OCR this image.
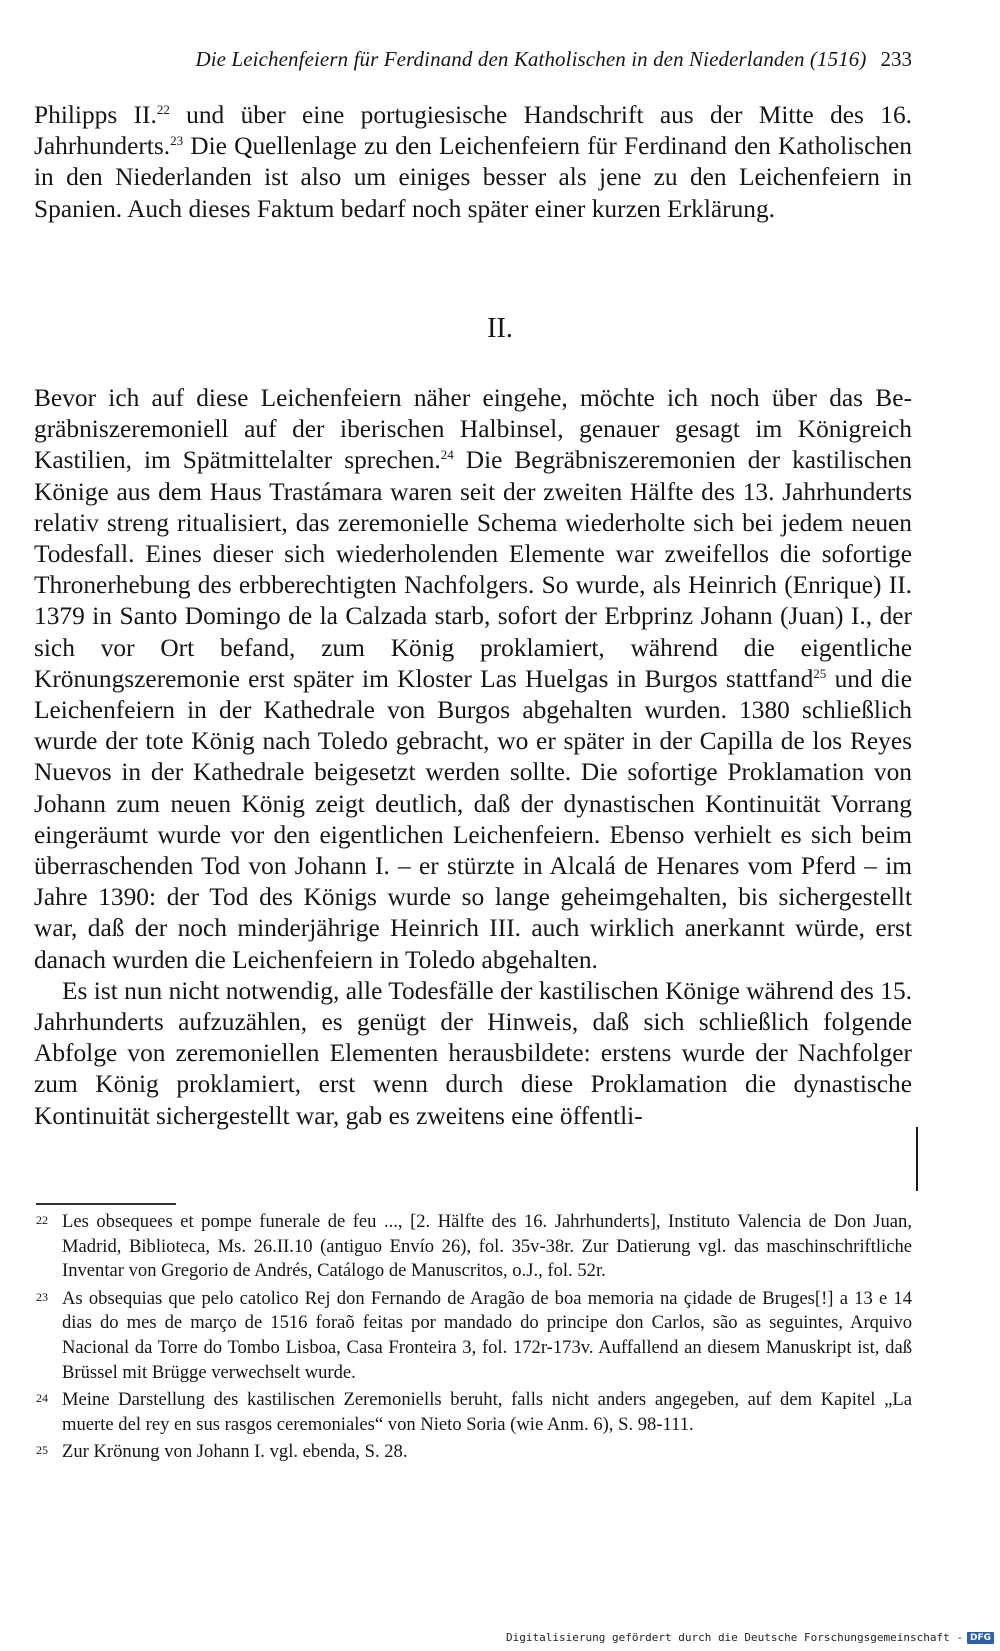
Die Leichenfeiern für Ferdinand den Katholischen in den Niederlanden (1516) 233

Philipps II.$^{22}$ und über eine portugiesische Handschrift aus der Mitte des 16. Jahrhunderts.$^{23}$ Die Quellenlage zu den Leichenfeiern für Ferdinand den Katholischen in den Niederlanden ist also um einiges besser als jene zu den Leichenfeiern in Spanien. Auch dieses Faktum bedarf noch später einer kurzen Erklärung.

II.

Bevor ich auf diese Leichenfeiern näher eingehe, möchte ich noch über das Begräbniszeremoniell auf der iberischen Halbinsel, genauer gesagt im Königreich Kastilien, im Spätmittelalter sprechen.$^{24}$ Die Begräbniszeremonien der kastilischen Könige aus dem Haus Trastámara waren seit der zweiten Hälfte des 13. Jahrhunderts relativ streng ritualisiert, das zeremonielle Schema wiederholte sich bei jedem neuen Todesfall. Eines dieser sich wiederholenden Elemente war zweifellos die sofortige Thronerhebung des erbberechtigten Nachfolgers. So wurde, als Heinrich (Enrique) II. 1379 in Santo Domingo de la Calzada starb, sofort der Erbprinz Johann (Juan) I., der sich vor Ort befand, zum König proklamiert, während die eigentliche Krönungszeremonie erst später im Kloster Las Huelgas in Burgos stattfand$^{25}$ und die Leichenfeiern in der Kathedrale von Burgos abgehalten wurden. 1380 schließlich wurde der tote König nach Toledo gebracht, wo er später in der Capilla de los Reyes Nuevos in der Kathedrale beigesetzt werden sollte. Die sofortige Proklamation von Johann zum neuen König zeigt deutlich, daß der dynastischen Kontinuität Vorrang eingeräumt wurde vor den eigentlichen Leichenfeiern. Ebenso verhielt es sich beim überraschenden Tod von Johann I. – er stürzte in Alcalá de Henares vom Pferd – im Jahre 1390: der Tod des Königs wurde so lange geheimgehalten, bis sichergestellt war, daß der noch minderjährige Heinrich III. auch wirklich anerkannt würde, erst danach wurden die Leichenfeiern in Toledo abgehalten.

Es ist nun nicht notwendig, alle Todesfälle der kastilischen Könige während des 15. Jahrhunderts aufzuzählen, es genügt der Hinweis, daß sich schließlich folgende Abfolge von zeremoniellen Elementen herausbildete: erstens wurde der Nachfolger zum König proklamiert, erst wenn durch diese Proklamation die dynastische Kontinuität sichergestellt war, gab es zweitens eine öffentli-

22 Les obsequees et pompe funerale de feu ..., [2. Hälfte des 16. Jahrhunderts], Instituto Valencia de Don Juan, Madrid, Biblioteca, Ms. 26.II.10 (antiguo Envío 26), fol. 35v-38r. Zur Datierung vgl. das maschinschriftliche Inventar von Gregorio de Andrés, Catálogo de Manuscritos, o.J., fol. 52r.
23 As obsequias que pelo catolico Rej don Fernando de Aragão de boa memoria na çidade de Bruges[!] a 13 e 14 dias do mes de março de 1516 foraõ feitas por mandado do principe don Carlos, são as seguintes, Arquivo Nacional da Torre do Tombo Lisboa, Casa Fronteira 3, fol. 172r-173v. Auffallend an diesem Manuskript ist, daß Brüssel mit Brügge verwechselt wurde.
24 Meine Darstellung des kastilischen Zeremoniells beruht, falls nicht anders angegeben, auf dem Kapitel „La muerte del rey en sus rasgos ceremoniales“ von Nieto Soria (wie Anm. 6), S. 98-111.
25 Zur Krönung von Johann I. vgl. ebenda, S. 28.
Digitalisierung gefördert durch die Deutsche Forschungsgemeinschaft - DFG
